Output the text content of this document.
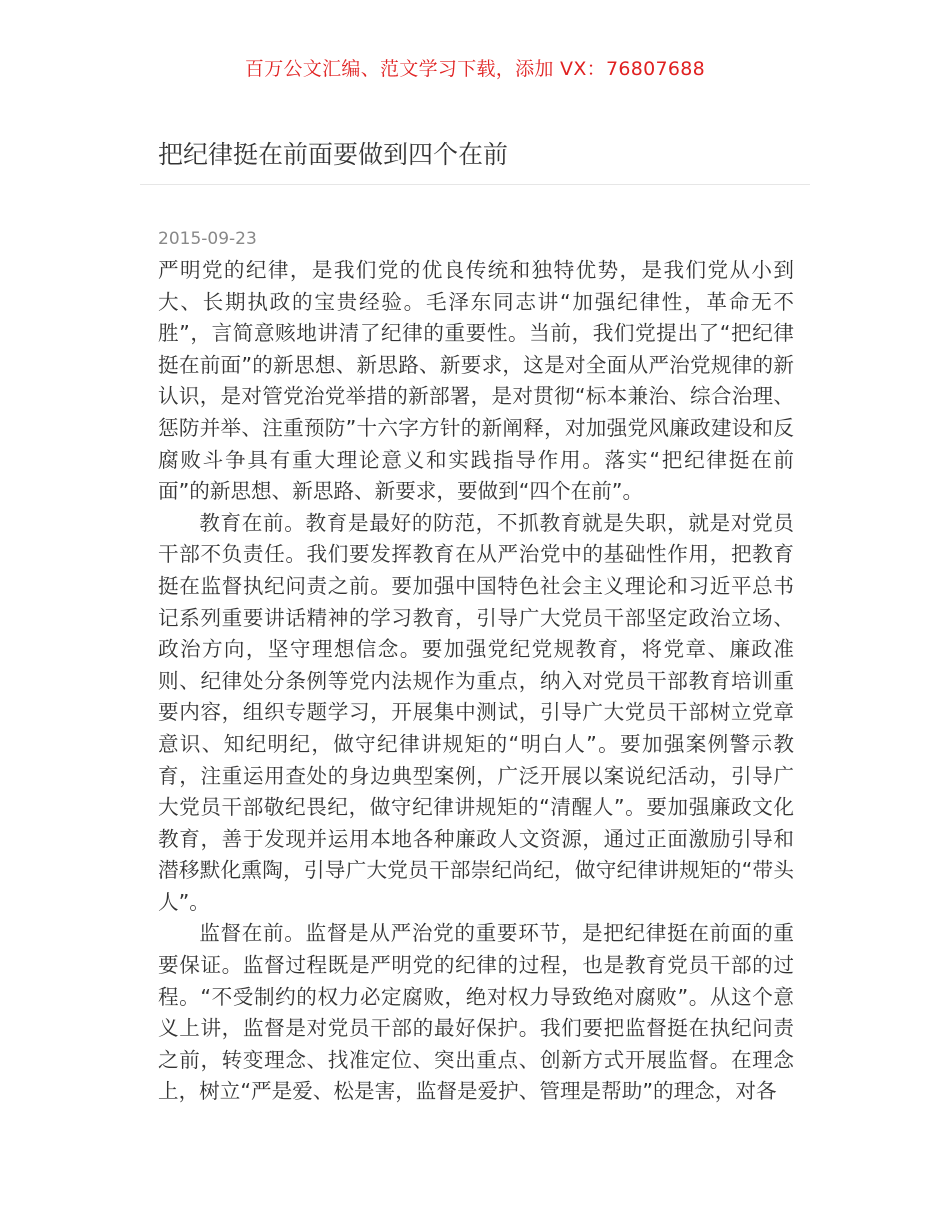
百万公文汇编、范文学习下载，添加 VX：76807688
把纪律挺在前面要做到四个在前
2015-09-23

严明党的纪律，是我们党的优良传统和独特优势，是我们党从小到大、长期执政的宝贵经验。毛泽东同志讲“加强纪律性，革命无不胜”，言简意赅地讲清了纪律的重要性。当前，我们党提出了“把纪律挺在前面”的新思想、新思路、新要求，这是对全面从严治党规律的新认识，是对管党治党举措的新部署，是对贯彻“标本兼治、综合治理、惩防并举、注重预防”十六字方针的新阐释，对加强党风廉政建设和反腐败斗争具有重大理论意义和实践指导作用。落实“把纪律挺在前面”的新思想、新思路、新要求，要做到“四个在前”。

教育在前。教育是最好的防范，不抓教育就是失职，就是对党员干部不负责任。我们要发挥教育在从严治党中的基础性作用，把教育挺在监督执纪问责之前。要加强中国特色社会主义理论和习近平总书记系列重要讲话精神的学习教育，引导广大党员干部坚定政治立场、政治方向，坚守理想信念。要加强党纪党规教育，将党章、廉政准则、纪律处分条例等党内法规作为重点，纳入对党员干部教育培训重要内容，组织专题学习，开展集中测试，引导广大党员干部树立党章意识、知纪明纪，做守纪律讲规矩的“明白人”。要加强案例警示教育，注重运用查处的身边典型案例，广泛开展以案说纪活动，引导广大党员干部敬纪畏纪，做守纪律讲规矩的“清醒人”。要加强廉政文化教育，善于发现并运用本地各种廉政人文资源，通过正面激励引导和潜移默化熏陶，引导广大党员干部崇纪尚纪，做守纪律讲规矩的“带头人”。

监督在前。监督是从严治党的重要环节，是把纪律挺在前面的重要保证。监督过程既是严明党的纪律的过程，也是教育党员干部的过程。“不受制约的权力必定腐败，绝对权力导致绝对腐败”。从这个意义上讲，监督是对党员干部的最好保护。我们要把监督挺在执纪问责之前，转变理念、找准定位、突出重点、创新方式开展监督。在理念上，树立“严是爱、松是害，监督是爱护、管理是帮助”的理念，对各
